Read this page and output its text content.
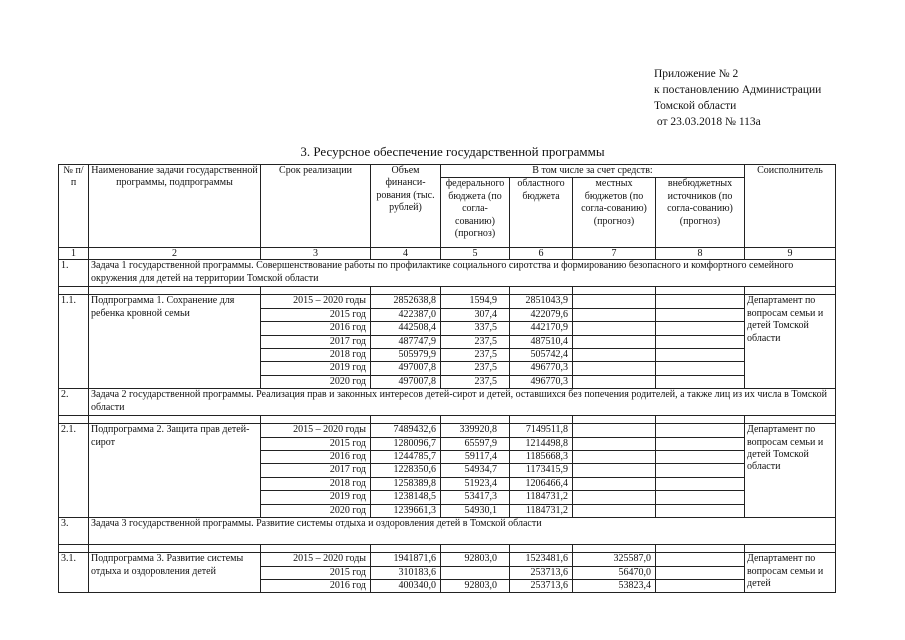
Приложение № 2
к постановлению Администрации
Томской области
от 23.03.2018 № 113а
3. Ресурсное обеспечение государственной программы
№ п/п	Наименование задачи государственной программы, подпрограммы	Срок реализации	Объем финанси-рования (тыс. рублей)	В том числе за счет средств:				Соисполнитель
				федерального бюджета (по согла-сованию) (прогноз)	областного бюджета	местных бюджетов (по согла-сованию) (прогноз)	внебюджетных источников (по согла-сованию) (прогноз)	
1	2	3	4	5	6	7	8	9
1.	Задача 1 государственной программы. Совершенствование работы по профилактике социального сиротства и формированию безопасного и комфортного семейного окружения для детей на территории Томской области							

1.1.	Подпрограмма 1. Сохранение для ребенка кровной семьи	2015 – 2020 годы	2852638,8	1594,9	2851043,9			Департамент по вопросам семьи и детей Томской области
		2015 год	422387,0	307,4	422079,6			
		2016 год	442508,4	337,5	442170,9			
		2017 год	487747,9	237,5	487510,4			
		2018 год	505979,9	237,5	505742,4			
		2019 год	497007,8	237,5	496770,3			
		2020 год	497007,8	237,5	496770,3			
2.	Задача 2 государственной программы. Реализация прав и законных интересов детей-сирот и детей, оставшихся без попечения родителей, а также лиц из их числа в Томской области							

2.1.	Подпрограмма 2. Защита прав детей-сирот	2015 – 2020 годы	7489432,6	339920,8	7149511,8			Департамент по вопросам семьи и детей Томской области
		2015 год	1280096,7	65597,9	1214498,8			
		2016 год	1244785,7	59117,4	1185668,3			
		2017 год	1228350,6	54934,7	1173415,9			
		2018 год	1258389,8	51923,4	1206466,4			
		2019 год	1238148,5	53417,3	1184731,2			
		2020 год	1239661,3	54930,1	1184731,2			
3.	Задача 3 государственной программы. Развитие системы отдыха и оздоровления детей в Томской области							

3.1.	Подпрограмма 3. Развитие системы отдыха и оздоровления детей	2015 – 2020 годы	1941871,6	92803,0	1523481,6	325587,0		Департамент по вопросам семьи и детей
		2015 год	310183,6		253713,6	56470,0		
		2016 год	400340,0	92803,0	253713,6	53823,4		
